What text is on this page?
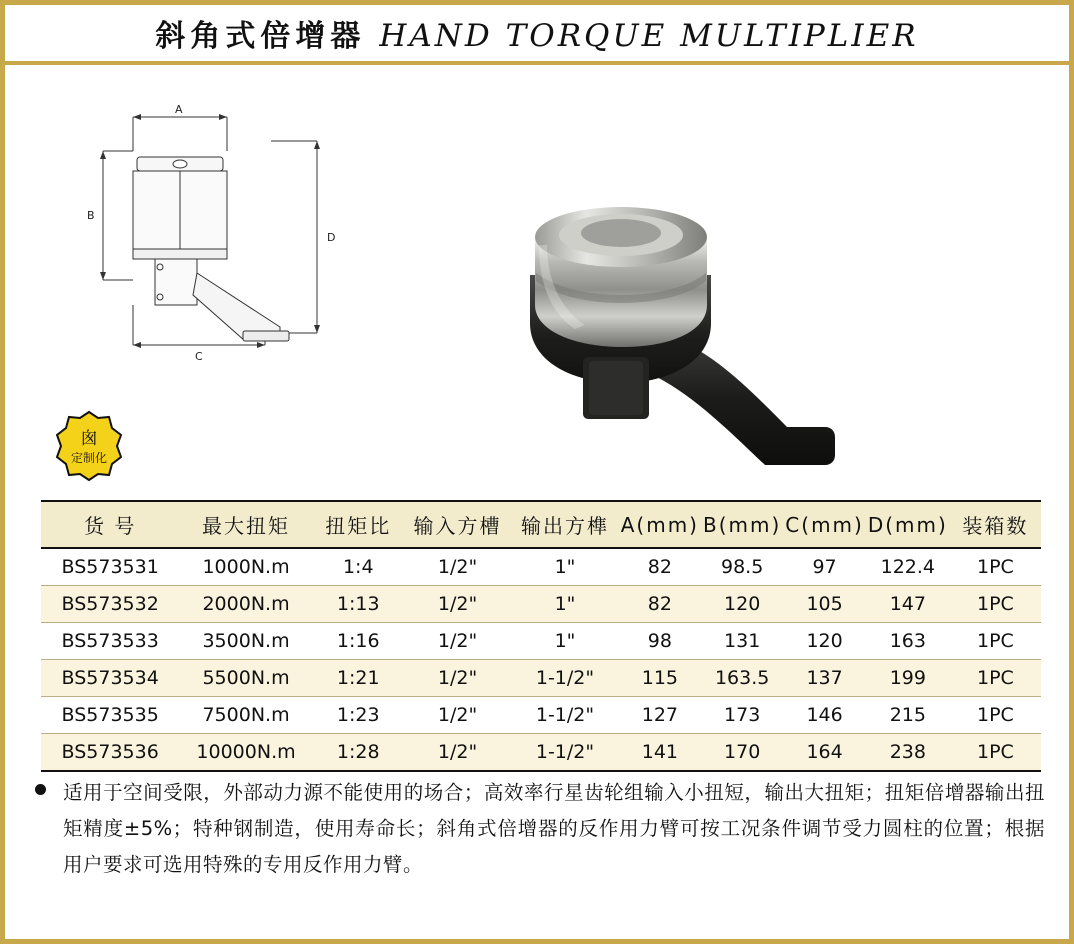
斜角式倍增器 HAND TORQUE MULTIPLIER
A
B
D
C
囪
定制化
货 号	最大扭矩	扭矩比	输入方槽	输出方榫	A(mm)	B(mm)	C(mm)	D(mm)	装箱数
BS573531	1000N.m	1:4	1/2"	1"	82	98.5	97	122.4	1PC
BS573532	2000N.m	1:13	1/2"	1"	82	120	105	147	1PC
BS573533	3500N.m	1:16	1/2"	1"	98	131	120	163	1PC
BS573534	5500N.m	1:21	1/2"	1-1/2"	115	163.5	137	199	1PC
BS573535	7500N.m	1:23	1/2"	1-1/2"	127	173	146	215	1PC
BS573536	10000N.m	1:28	1/2"	1-1/2"	141	170	164	238	1PC
适用于空间受限，外部动力源不能使用的场合；高效率行星齿轮组输入小扭短，输出大扭矩；扭矩倍增器输出扭矩精度±5%；特种钢制造，使用寿命长；斜角式倍增器的反作用力臂可按工况条件调节受力圆柱的位置；根据用户要求可选用特殊的专用反作用力臂。
